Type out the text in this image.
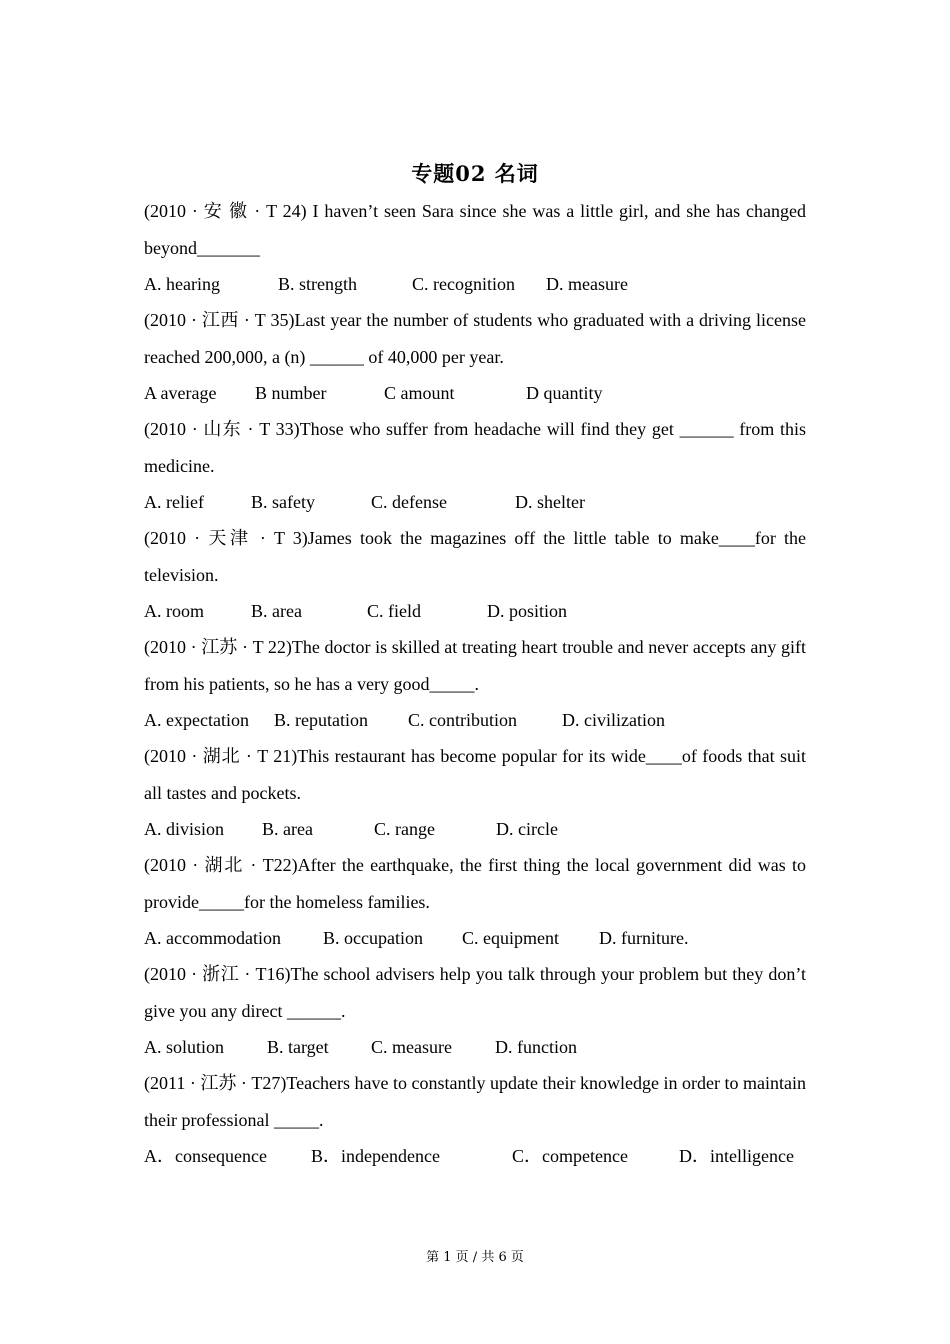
专题02 名词

(2010 · 安 徽 · T 24) I haven’t seen Sara since she was a little girl, and she has changed beyond_______

A. hearing	B. strength	C. recognition D. measure

(2010 · 江西 · T 35)Last year the number of students who graduated with a driving license reached 200,000, a (n) ______ of 40,000 per year.

A average B number	C amount	D quantity

(2010 · 山东 · T 33)Those who suffer from headache will find they get ______ from this medicine.

A. relief	B. safety	C. defense	D. shelter

(2010 · 天津 · T 3)James took the magazines off the little table to make____for the television.

A. room	B. area	C. field	D. position

(2010 · 江苏 · T 22)The doctor is skilled at treating heart trouble and never accepts any gift from his patients, so he has a very good_____.

A. expectation B. reputation C. contribution	D. civilization

(2010 · 湖北 · T 21)This restaurant has become popular for its wide____of foods that suit all tastes and pockets.

A. division B. area	C. range	D. circle

(2010 · 湖北 · T22)After the earthquake, the first thing the local government did was to provide_____for the homeless families.

A. accommodation B. occupation C. equipment D. furniture.

(2010 · 浙江 · T16)The school advisers help you talk through your problem but they don’t give you any direct ______.

A. solution B. target C. measure D. function

(2011 · 江苏 · T27)Teachers have to constantly update their knowledge in order to maintain their professional _____.

A．consequence B．independence	C．competence	D．intelligence
第 1 页 / 共 6 页
